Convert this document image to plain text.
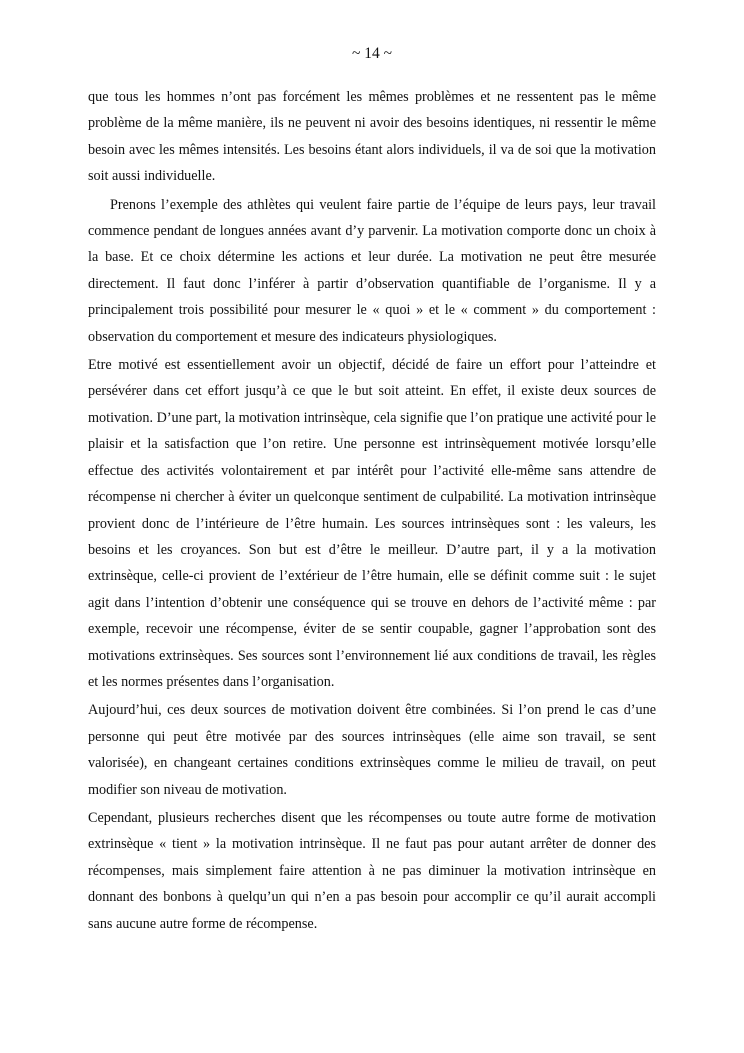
~ 14 ~

que tous les hommes n’ont pas forcément les mêmes problèmes et ne ressentent pas le même problème de la même manière, ils ne peuvent ni avoir des besoins identiques, ni ressentir le même besoin avec les mêmes intensités. Les besoins étant alors individuels, il va de soi que la motivation soit aussi individuelle.

Prenons l’exemple des athlètes qui veulent faire partie de l’équipe de leurs pays, leur travail commence pendant de longues années avant d’y parvenir. La motivation comporte donc un choix à la base. Et ce choix détermine les actions et leur durée. La motivation ne peut être mesurée directement. Il faut donc l’inférer à partir d’observation quantifiable de l’organisme. Il y a principalement trois possibilité pour mesurer le « quoi » et le « comment » du comportement : observation du comportement et mesure des indicateurs physiologiques.

Etre motivé est essentiellement avoir un objectif, décidé de faire un effort pour l’atteindre et persévérer dans cet effort jusqu’à ce que le but soit atteint. En effet, il existe deux sources de motivation. D’une part, la motivation intrinsèque, cela signifie que l’on pratique une activité pour le plaisir et la satisfaction que l’on retire. Une personne est intrinsèquement motivée lorsqu’elle effectue des activités volontairement et par intérêt pour l’activité elle-même sans attendre de récompense ni chercher à éviter un quelconque sentiment de culpabilité. La motivation intrinsèque provient donc de l’intérieure de l’être humain. Les sources intrinsèques sont : les valeurs, les besoins et les croyances. Son but est d’être le meilleur. D’autre part, il y a la motivation extrinsèque, celle-ci provient de l’extérieur de l’être humain, elle se définit comme suit : le sujet agit dans l’intention d’obtenir une conséquence qui se trouve en dehors de l’activité même : par exemple, recevoir une récompense, éviter de se sentir coupable, gagner l’approbation sont des motivations extrinsèques. Ses sources sont l’environnement lié aux conditions de travail, les règles et les normes présentes dans l’organisation.

Aujourd’hui, ces deux sources de motivation doivent être combinées. Si l’on prend le cas d’une personne qui peut être motivée par des sources intrinsèques (elle aime son travail, se sent valorisée), en changeant certaines conditions extrinsèques comme le milieu de travail, on peut modifier son niveau de motivation.

Cependant, plusieurs recherches disent que les récompenses ou toute autre forme de motivation extrinsèque « tient » la motivation intrinsèque. Il ne faut pas pour autant arrêter de donner des récompenses, mais simplement faire attention à ne pas diminuer la motivation intrinsèque en donnant des bonbons à quelqu’un qui n’en a pas besoin pour accomplir ce qu’il aurait accompli sans aucune autre forme de récompense.
